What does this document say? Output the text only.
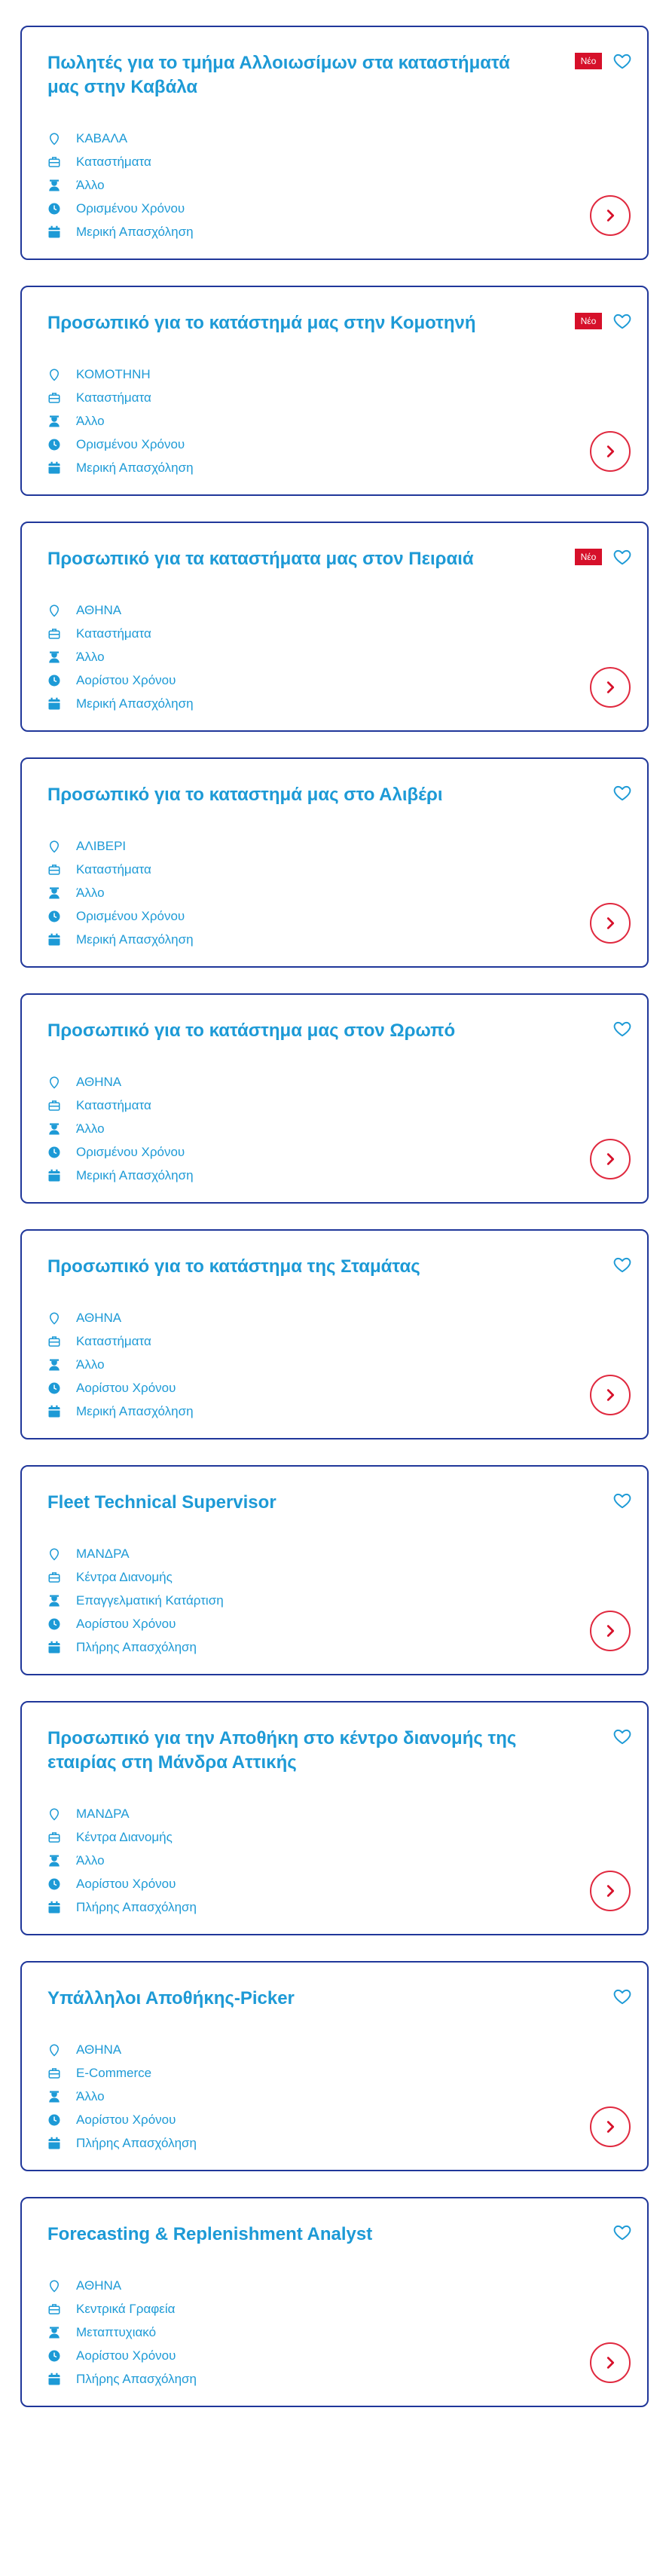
Πωλητές για το τμήμα Αλλοιωσίμων στα καταστήματά μας στην Καβάλα
Νέο
ΚΑΒΑΛΑ
Καταστήματα
Άλλο
Ορισμένου Χρόνου
Μερική Απασχόληση
Προσωπικό για το κατάστημά μας στην Κομοτηνή	Νέο
ΚΟΜΟΤΗΝΗ
Καταστήματα
Άλλο
Ορισμένου Χρόνου
Μερική Απασχόληση
Προσωπικό για τα καταστήματα μας στον Πειραιά	Νέο
ΑΘΗΝΑ
Καταστήματα
Άλλο
Αορίστου Χρόνου
Μερική Απασχόληση
Προσωπικό για το καταστημά μας στο Αλιβέρι
ΑΛΙΒΕΡΙ
Καταστήματα
Άλλο
Ορισμένου Χρόνου
Μερική Απασχόληση
Προσωπικό για το κατάστημα μας στον Ωρωπό
ΑΘΗΝΑ
Καταστήματα
Άλλο
Ορισμένου Χρόνου
Μερική Απασχόληση
Προσωπικό για το κατάστημα της Σταμάτας
ΑΘΗΝΑ
Καταστήματα
Άλλο
Αορίστου Χρόνου
Μερική Απασχόληση
Fleet Technical Supervisor
ΜΑΝΔΡΑ
Κέντρα Διανομής
Επαγγελματική Κατάρτιση
Αορίστου Χρόνου
Πλήρης Απασχόληση
Προσωπικό για την Αποθήκη στο κέντρο διανομής της εταιρίας στη Μάνδρα Αττικής
ΜΑΝΔΡΑ
Κέντρα Διανομής
Άλλο
Αορίστου Χρόνου
Πλήρης Απασχόληση
Υπάλληλοι Αποθήκης-Picker
ΑΘΗΝΑ
E-Commerce
Άλλο
Αορίστου Χρόνου
Πλήρης Απασχόληση
Forecasting & Replenishment Analyst
ΑΘΗΝΑ
Κεντρικά Γραφεία
Μεταπτυχιακό
Αορίστου Χρόνου
Πλήρης Απασχόληση
